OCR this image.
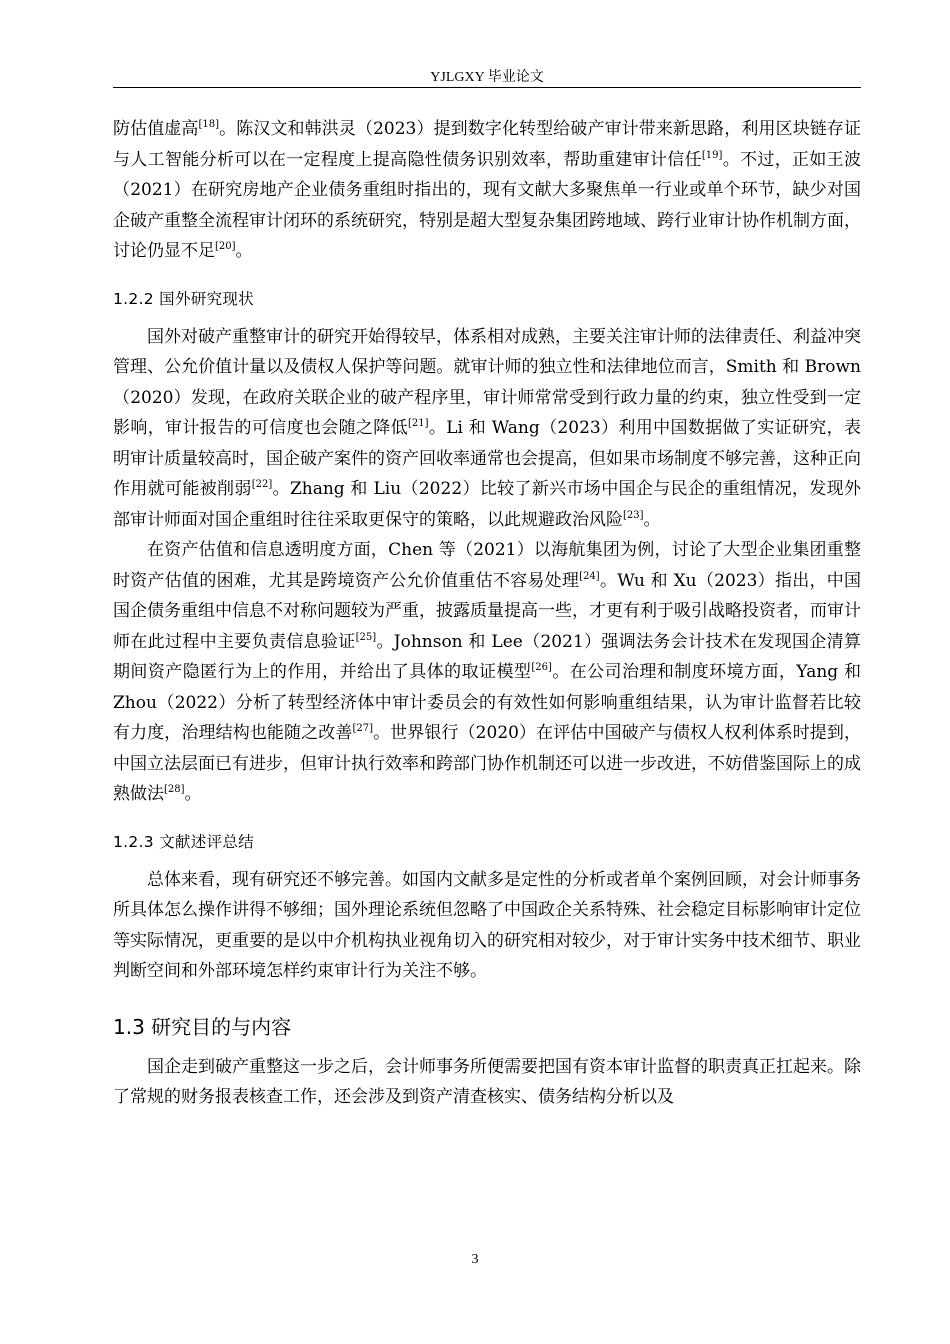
YJLGXY 毕业论文

防估值虚高[18]。陈汉文和韩洪灵（2023）提到数字化转型给破产审计带来新思路，利用区块链存证与人工智能分析可以在一定程度上提高隐性债务识别效率，帮助重建审计信任[19]。不过，正如王波（2021）在研究房地产企业债务重组时指出的，现有文献大多聚焦单一行业或单个环节，缺少对国企破产重整全流程审计闭环的系统研究，特别是超大型复杂集团跨地域、跨行业审计协作机制方面，讨论仍显不足[20]。

1.2.2 国外研究现状

国外对破产重整审计的研究开始得较早，体系相对成熟，主要关注审计师的法律责任、利益冲突管理、公允价值计量以及债权人保护等问题。就审计师的独立性和法律地位而言，Smith 和 Brown（2020）发现，在政府关联企业的破产程序里，审计师常常受到行政力量的约束，独立性受到一定影响，审计报告的可信度也会随之降低[21]。Li 和 Wang（2023）利用中国数据做了实证研究，表明审计质量较高时，国企破产案件的资产回收率通常也会提高，但如果市场制度不够完善，这种正向作用就可能被削弱[22]。Zhang 和 Liu（2022）比较了新兴市场中国企与民企的重组情况，发现外部审计师面对国企重组时往往采取更保守的策略，以此规避政治风险[23]。

在资产估值和信息透明度方面，Chen 等（2021）以海航集团为例，讨论了大型企业集团重整时资产估值的困难，尤其是跨境资产公允价值重估不容易处理[24]。Wu 和 Xu（2023）指出，中国国企债务重组中信息不对称问题较为严重，披露质量提高一些，才更有利于吸引战略投资者，而审计师在此过程中主要负责信息验证[25]。Johnson 和 Lee（2021）强调法务会计技术在发现国企清算期间资产隐匿行为上的作用，并给出了具体的取证模型[26]。在公司治理和制度环境方面，Yang 和 Zhou（2022）分析了转型经济体中审计委员会的有效性如何影响重组结果，认为审计监督若比较有力度，治理结构也能随之改善[27]。世界银行（2020）在评估中国破产与债权人权利体系时提到，中国立法层面已有进步，但审计执行效率和跨部门协作机制还可以进一步改进，不妨借鉴国际上的成熟做法[28]。

1.2.3 文献述评总结

总体来看，现有研究还不够完善。如国内文献多是定性的分析或者单个案例回顾，对会计师事务所具体怎么操作讲得不够细；国外理论系统但忽略了中国政企关系特殊、社会稳定目标影响审计定位等实际情况，更重要的是以中介机构执业视角切入的研究相对较少，对于审计实务中技术细节、职业判断空间和外部环境怎样约束审计行为关注不够。

1.3 研究目的与内容

国企走到破产重整这一步之后，会计师事务所便需要把国有资本审计监督的职责真正扛起来。除了常规的财务报表核查工作，还会涉及到资产清查核实、债务结构分析以及

3
